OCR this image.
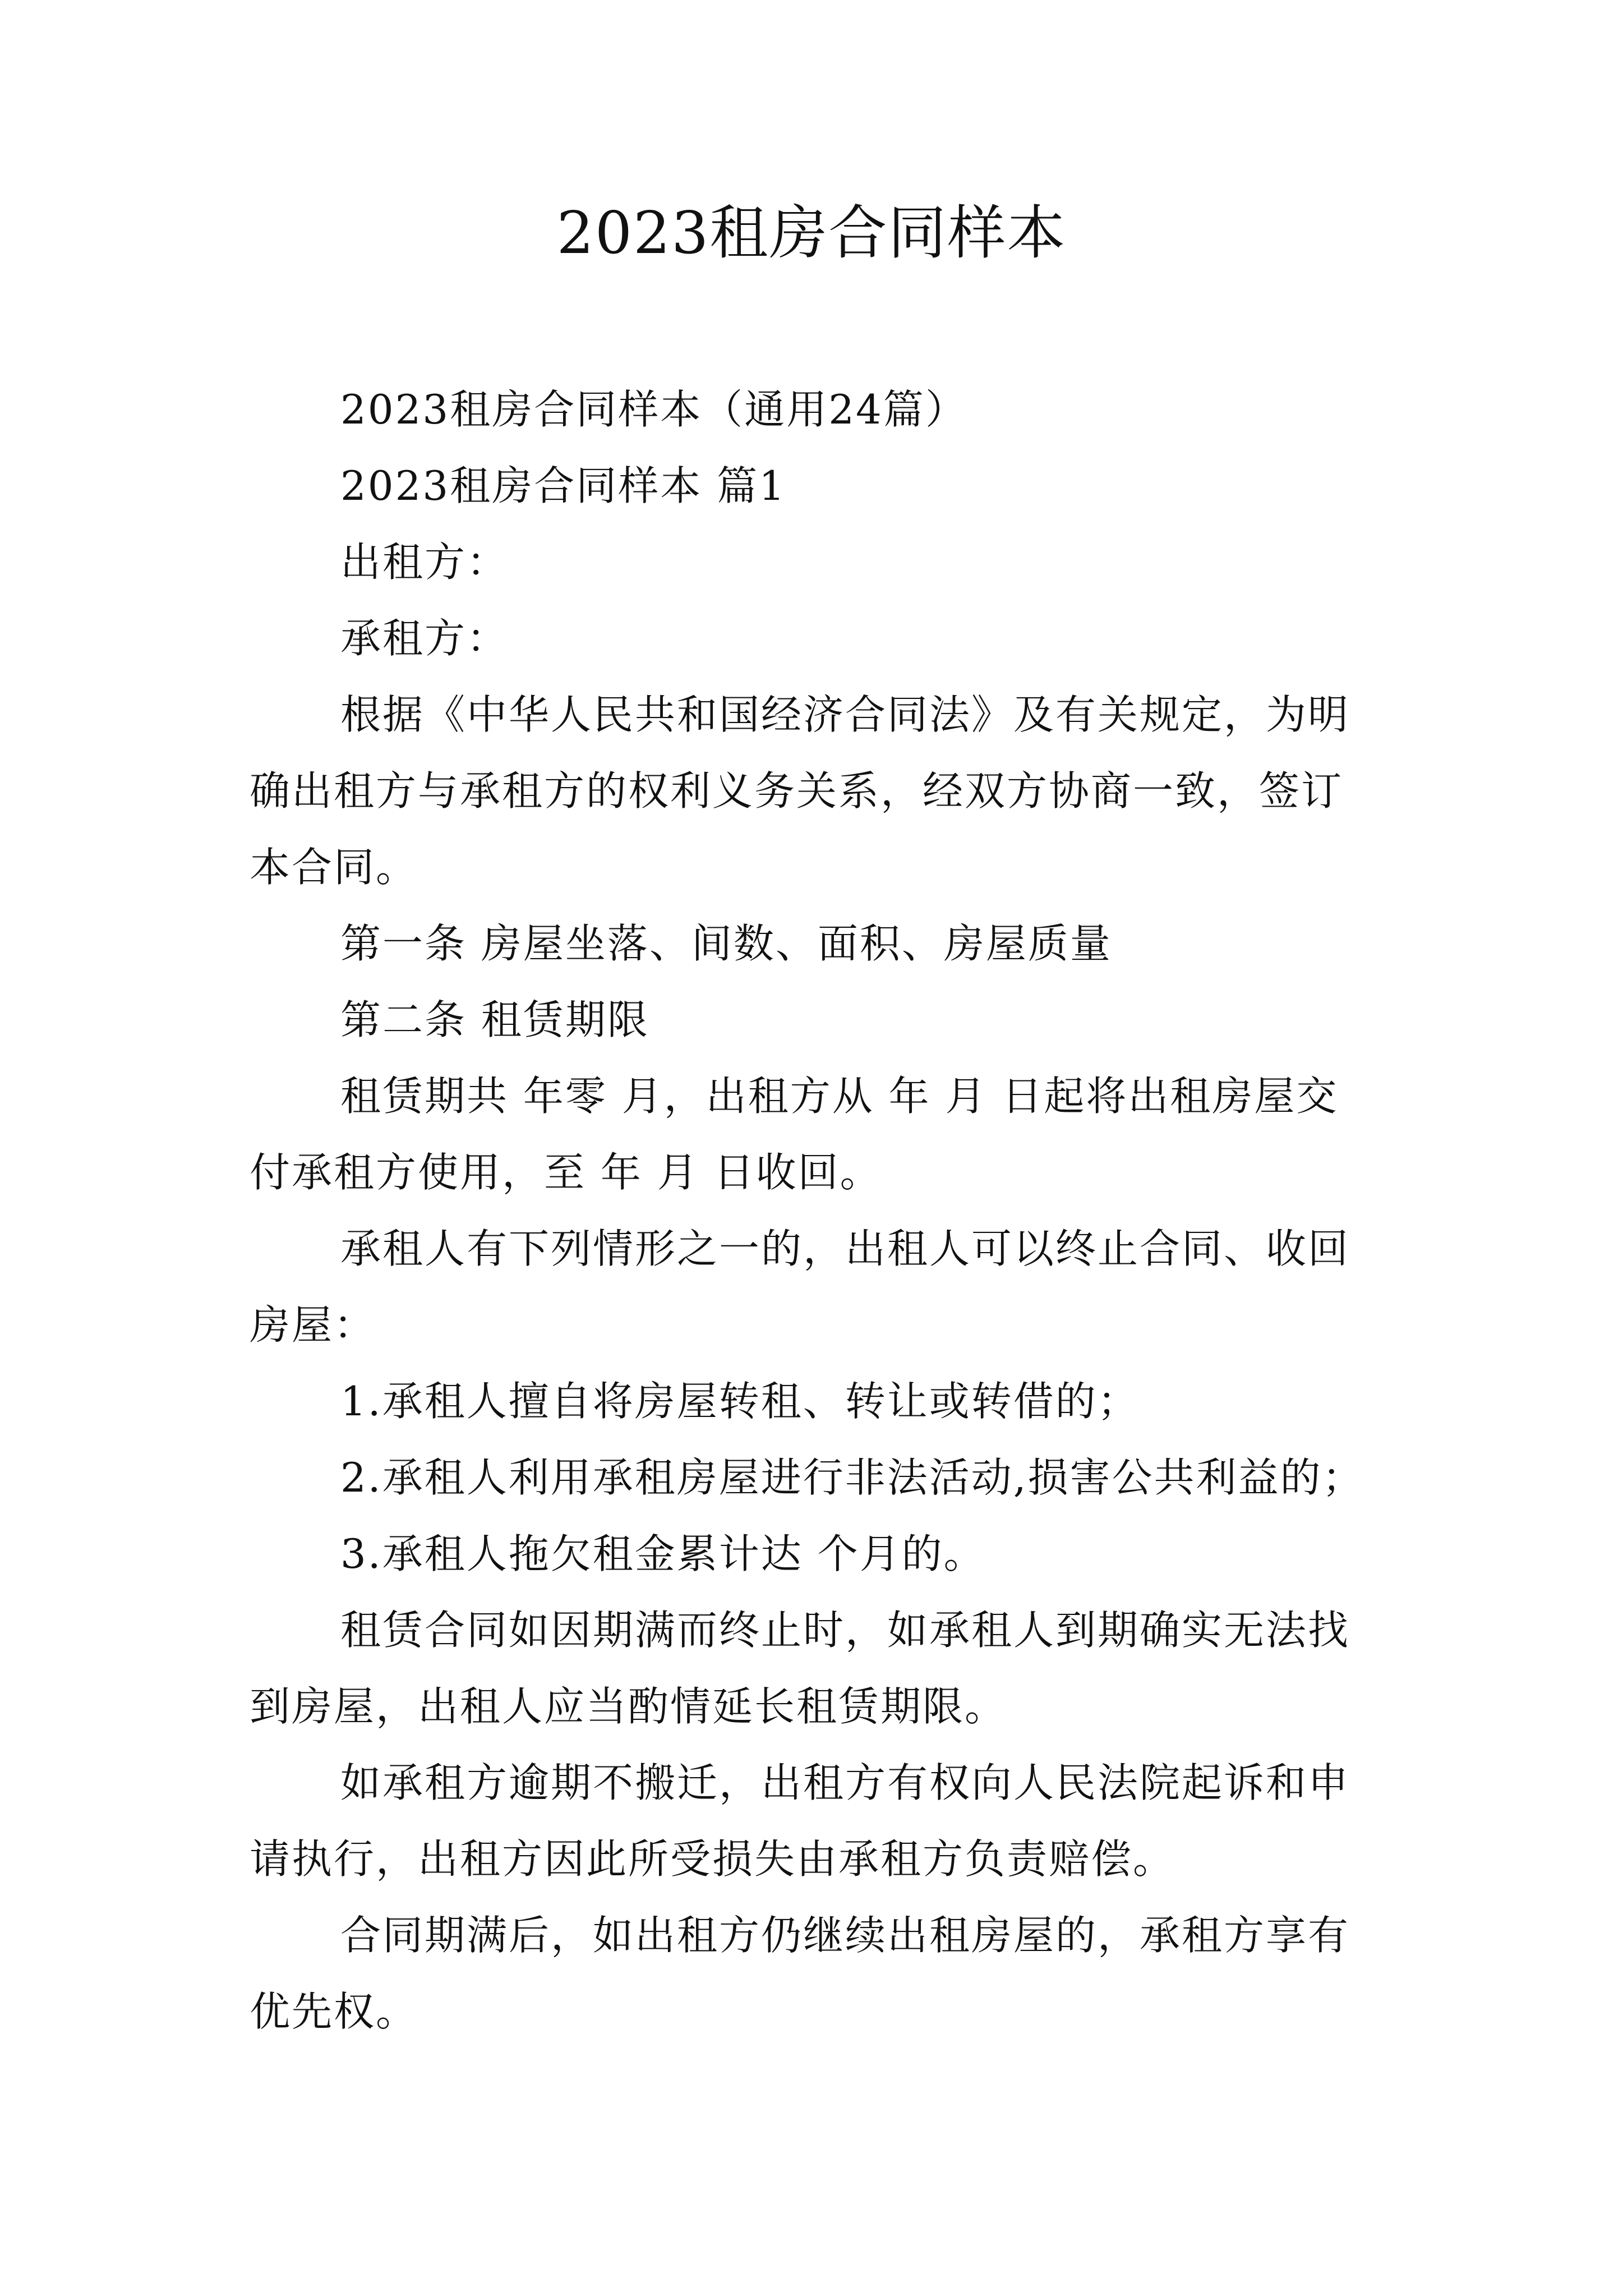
2023租房合同样本

2023租房合同样本（通用24篇）

2023租房合同样本 篇1

出租方：

承租方：

根据《中华人民共和国经济合同法》及有关规定，为明确出租方与承租方的权利义务关系，经双方协商一致，签订本合同。

第一条 房屋坐落、间数、面积、房屋质量

第二条 租赁期限

租赁期共 年零 月，出租方从 年 月 日起将出租房屋交付承租方使用，至 年 月 日收回。

承租人有下列情形之一的，出租人可以终止合同、收回房屋：

1.承租人擅自将房屋转租、转让或转借的；

2.承租人利用承租房屋进行非法活动,损害公共利益的；

3.承租人拖欠租金累计达 个月的。

租赁合同如因期满而终止时，如承租人到期确实无法找到房屋，出租人应当酌情延长租赁期限。

如承租方逾期不搬迁，出租方有权向人民法院起诉和申请执行，出租方因此所受损失由承租方负责赔偿。

合同期满后，如出租方仍继续出租房屋的，承租方享有优先权。
